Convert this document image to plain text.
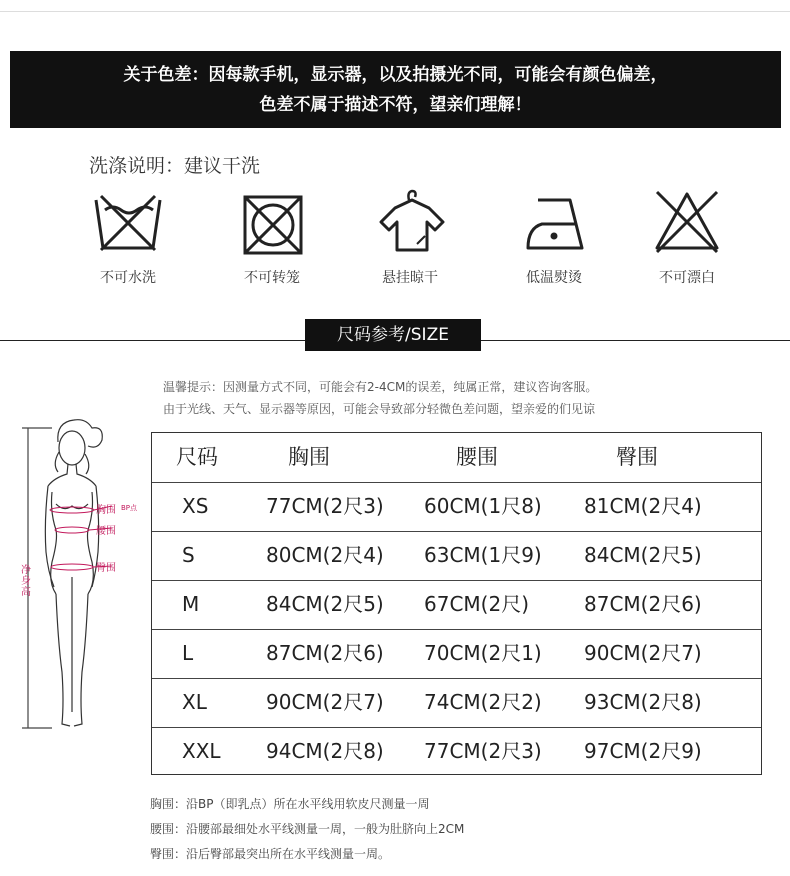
关于色差：因每款手机，显示器，以及拍摄光不同，可能会有颜色偏差，
色差不属于描述不符，望亲们理解！
洗涤说明：建议干洗
不可水洗	不可转笼	悬挂晾干	低温熨烫	不可漂白
尺码参考/SIZE
温馨提示：因测量方式不同，可能会有2-4CM的误差，纯属正常，建议咨询客服。
由于光线、天气、显示器等原因，可能会导致部分轻微色差问题，望亲爱的们见谅
净身高
胸围 BP点
腰围
臀围
尺码	胸围	腰围	臀围
XS	77CM(2尺3) 60CM(1尺8) 81CM(2尺4)
S	80CM(2尺4) 63CM(1尺9) 84CM(2尺5)
M	84CM(2尺5) 67CM(2尺)	87CM(2尺6)
L	87CM(2尺6) 70CM(2尺1) 90CM(2尺7)
XL	90CM(2尺7) 74CM(2尺2) 93CM(2尺8)
XXL 94CM(2尺8) 77CM(2尺3) 97CM(2尺9)
胸围：沿BP（即乳点）所在水平线用软皮尺测量一周
腰围：沿腰部最细处水平线测量一周，一般为肚脐向上2CM
臀围：沿后臀部最突出所在水平线测量一周。
